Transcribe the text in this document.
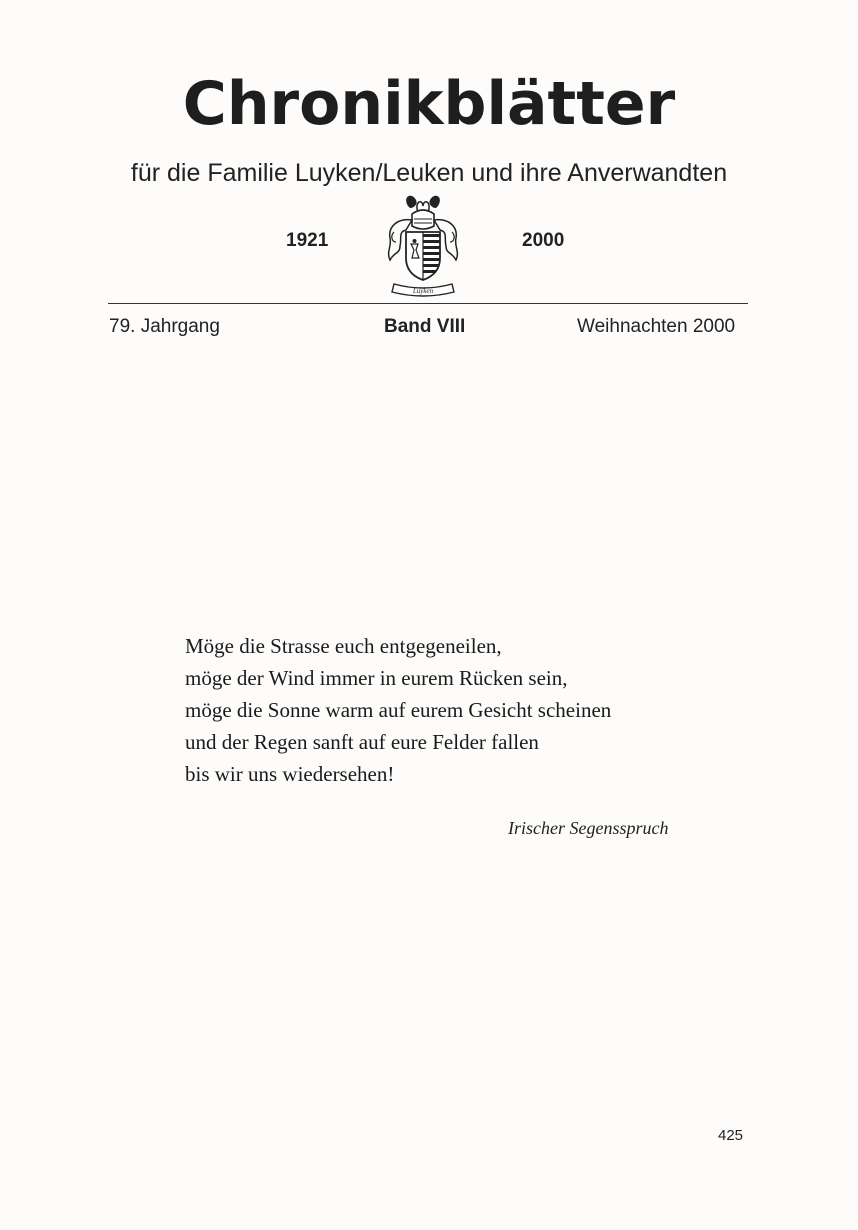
Chronikblätter
für die Familie Luyken/Leuken und ihre Anverwandten
1921
Luyken
2000
79. Jahrgang	Band VIII	Weihnachten 2000
Möge die Strasse euch entgegeneilen,
möge der Wind immer in eurem Rücken sein,
möge die Sonne warm auf eurem Gesicht scheinen
und der Regen sanft auf eure Felder fallen
bis wir uns wiedersehen!
Irischer Segensspruch
425
